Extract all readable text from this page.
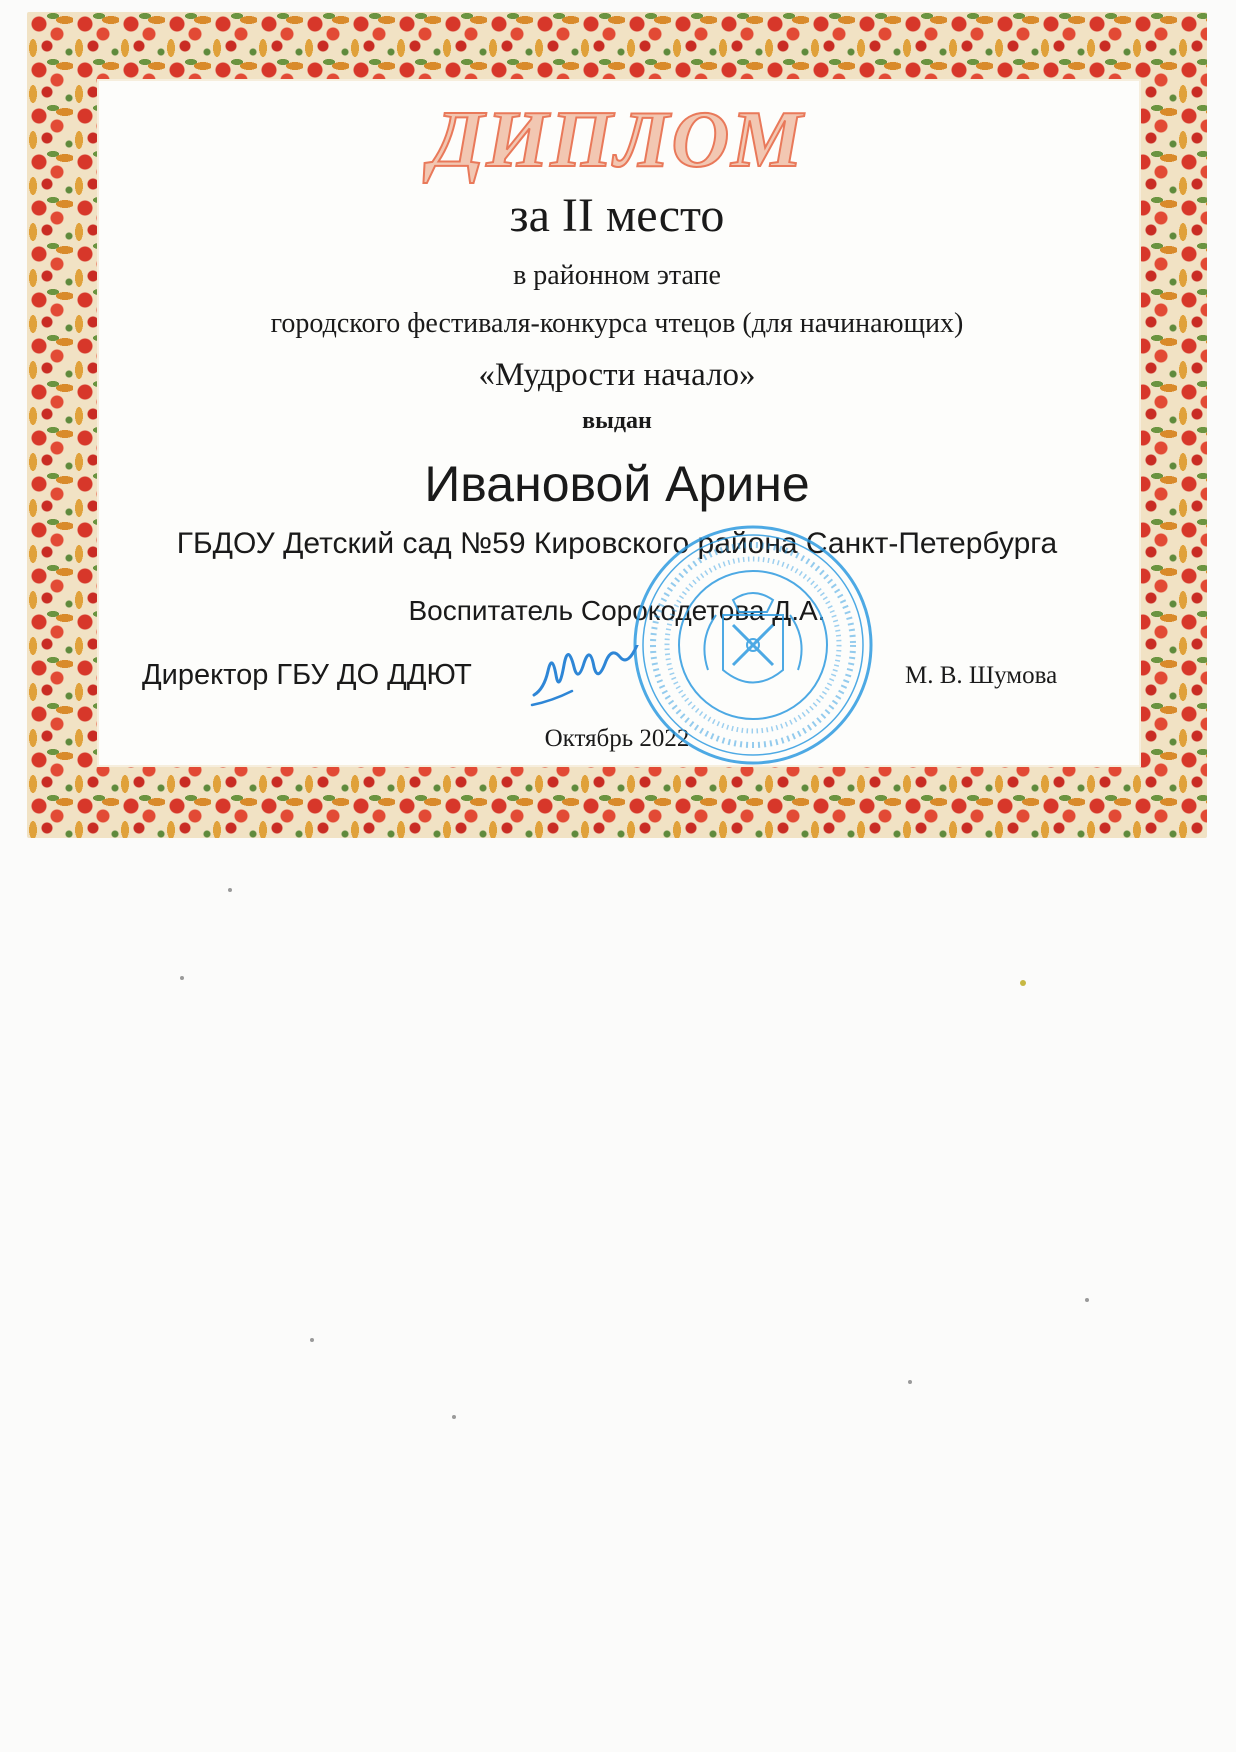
ДИПЛОМ
за II место
в районном этапе
городского фестиваля-конкурса чтецов (для начинающих)
«Мудрости начало»
выдан
Ивановой Арине
ГБДОУ Детский сад №59 Кировского района Санкт-Петербурга
Воспитатель Сорокодетова Д.А.
Директор ГБУ ДО ДДЮТ	М. В. Шумова
Октябрь 2022
